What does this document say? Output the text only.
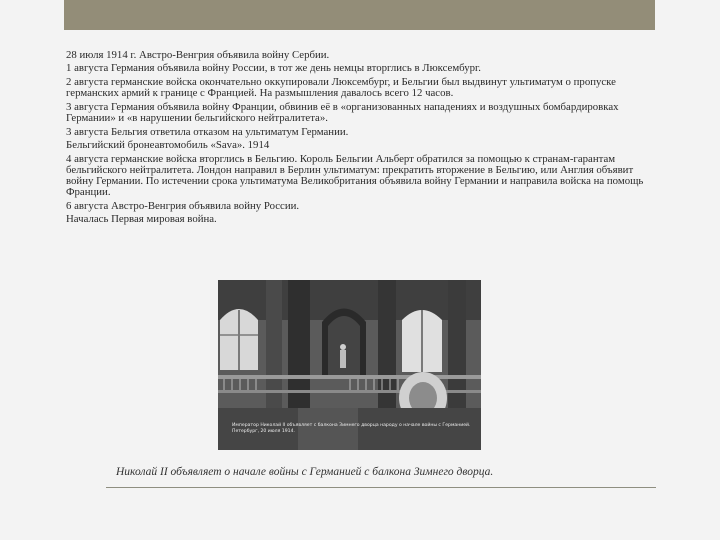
28 июля 1914 г. Австро-Венгрия объявила войну Сербии.

1 августа Германия объявила войну России, в тот же день немцы вторглись в Люксембург.

2 августа германские войска окончательно оккупировали Люксембург, и Бельгии был выдвинут ультиматум о пропуске германских армий к границе с Францией. На размышления давалось всего 12 часов.

3 августа Германия объявила войну Франции, обвинив её в «организованных нападениях и воздушных бомбардировках Германии» и «в нарушении бельгийского нейтралитета».

3 августа Бельгия ответила отказом на ультиматум Германии.

Бельгийский бронеавтомобиль «Sava». 1914

4 августа германские войска вторглись в Бельгию. Король Бельгии Альберт обратился за помощью к странам-гарантам бельгийского нейтралитета. Лондон направил в Берлин ультиматум: прекратить вторжение в Бельгию, или Англия объявит войну Германии. По истечении срока ультиматума Великобритания объявила войну Германии и направила войска на помощь Франции.

6 августа Австро-Венгрия объявила войну России.

Началась Первая мировая война.

Император Николай II объявляет с балкона Зимнего дворца народу о начале войны с Германией. Петербург, 20 июля 1914.
Николай II объявляет о начале войны с Германией с балкона Зимнего дворца.
